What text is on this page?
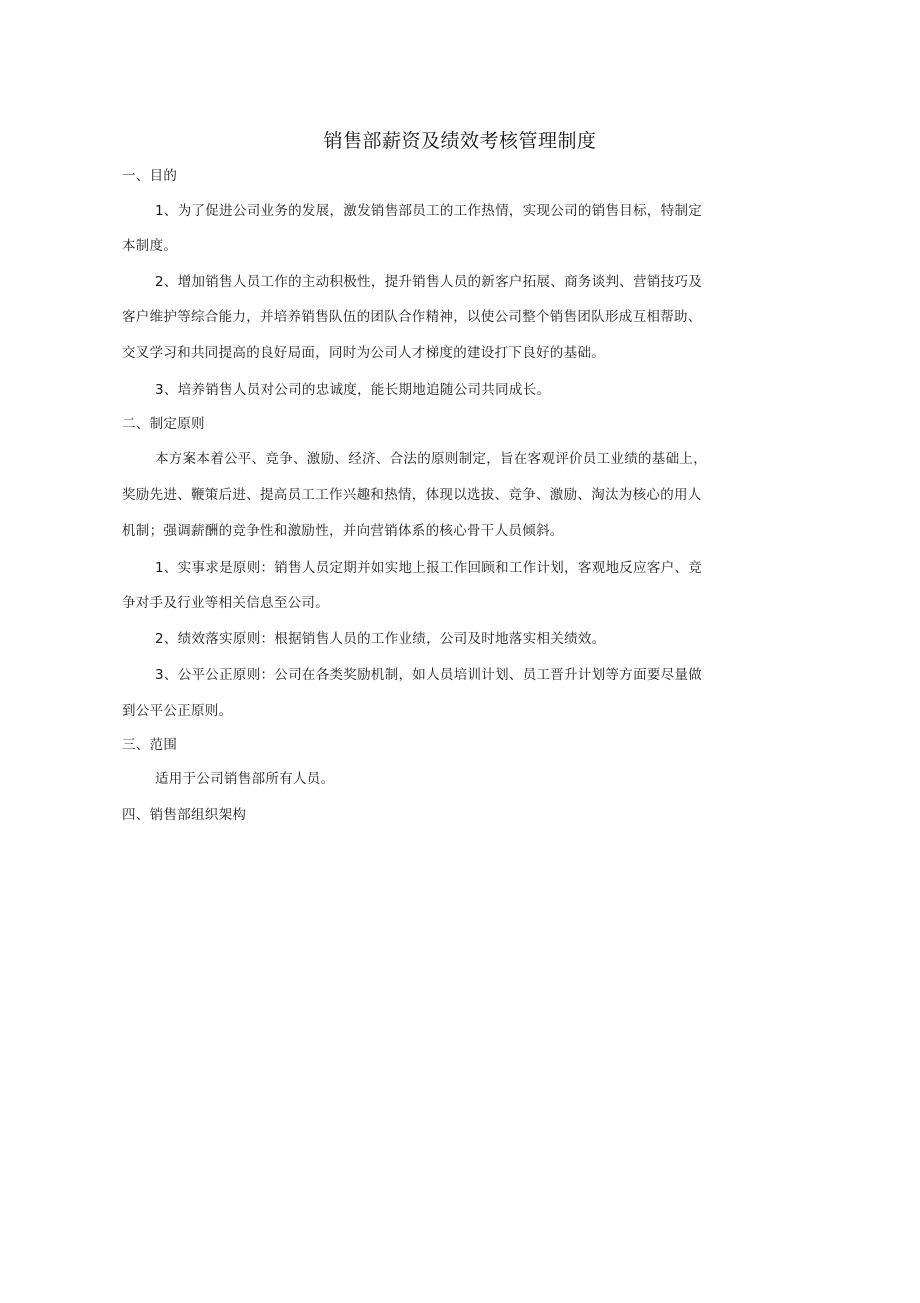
销售部薪资及绩效考核管理制度
一、目的
1、为了促进公司业务的发展，激发销售部员工的工作热情，实现公司的销售目标，特制定
本制度。
2、增加销售人员工作的主动积极性，提升销售人员的新客户拓展、商务谈判、营销技巧及
客户维护等综合能力，并培养销售队伍的团队合作精神，以使公司整个销售团队形成互相帮助、
交叉学习和共同提高的良好局面，同时为公司人才梯度的建设打下良好的基础。
3、培养销售人员对公司的忠诚度，能长期地追随公司共同成长。
二、制定原则
本方案本着公平、竞争、激励、经济、合法的原则制定，旨在客观评价员工业绩的基础上，
奖励先进、鞭策后进、提高员工工作兴趣和热情，体现以选拔、竞争、激励、淘汰为核心的用人
机制；强调薪酬的竞争性和激励性，并向营销体系的核心骨干人员倾斜。
1、实事求是原则：销售人员定期并如实地上报工作回顾和工作计划，客观地反应客户、竞
争对手及行业等相关信息至公司。
2、绩效落实原则：根据销售人员的工作业绩，公司及时地落实相关绩效。
3、公平公正原则：公司在各类奖励机制，如人员培训计划、员工晋升计划等方面要尽量做
到公平公正原则。
三、范围
适用于公司销售部所有人员。
四、销售部组织架构
